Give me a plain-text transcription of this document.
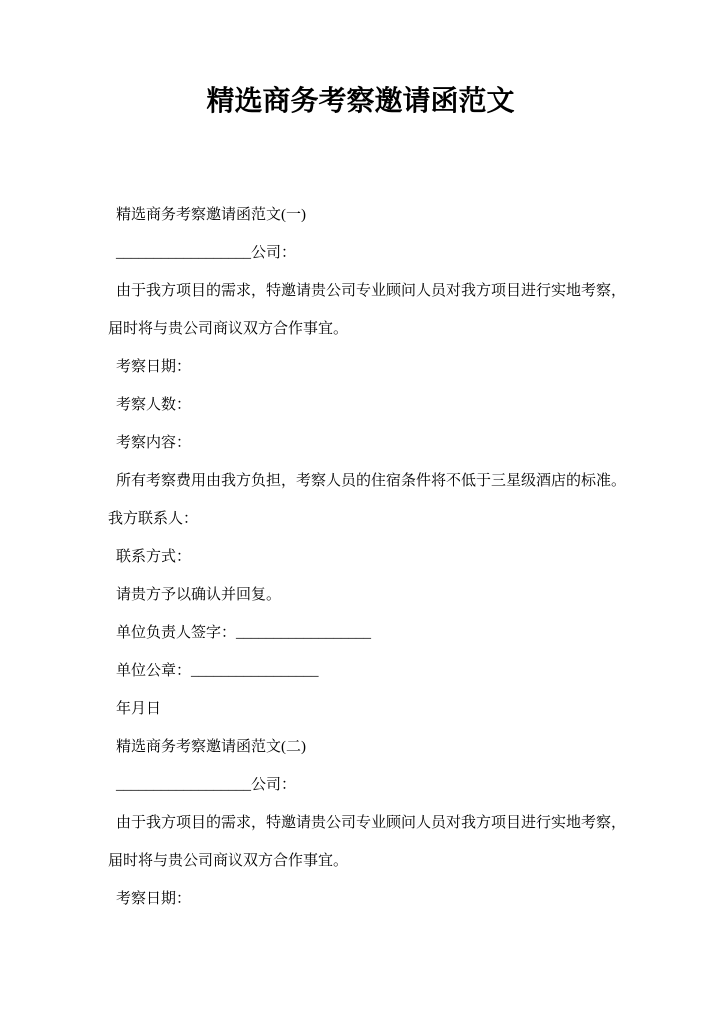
精选商务考察邀请函范文

精选商务考察邀请函范文(一)

__________________公司：

由于我方项目的需求，特邀请贵公司专业顾问人员对我方项目进行实地考察，

届时将与贵公司商议双方合作事宜。

考察日期：

考察人数：

考察内容：

所有考察费用由我方负担，考察人员的住宿条件将不低于三星级酒店的标准。

我方联系人：

联系方式：

请贵方予以确认并回复。

单位负责人签字：__________________

单位公章：_________________

年月日

精选商务考察邀请函范文(二)

__________________公司：

由于我方项目的需求，特邀请贵公司专业顾问人员对我方项目进行实地考察，

届时将与贵公司商议双方合作事宜。

考察日期：
